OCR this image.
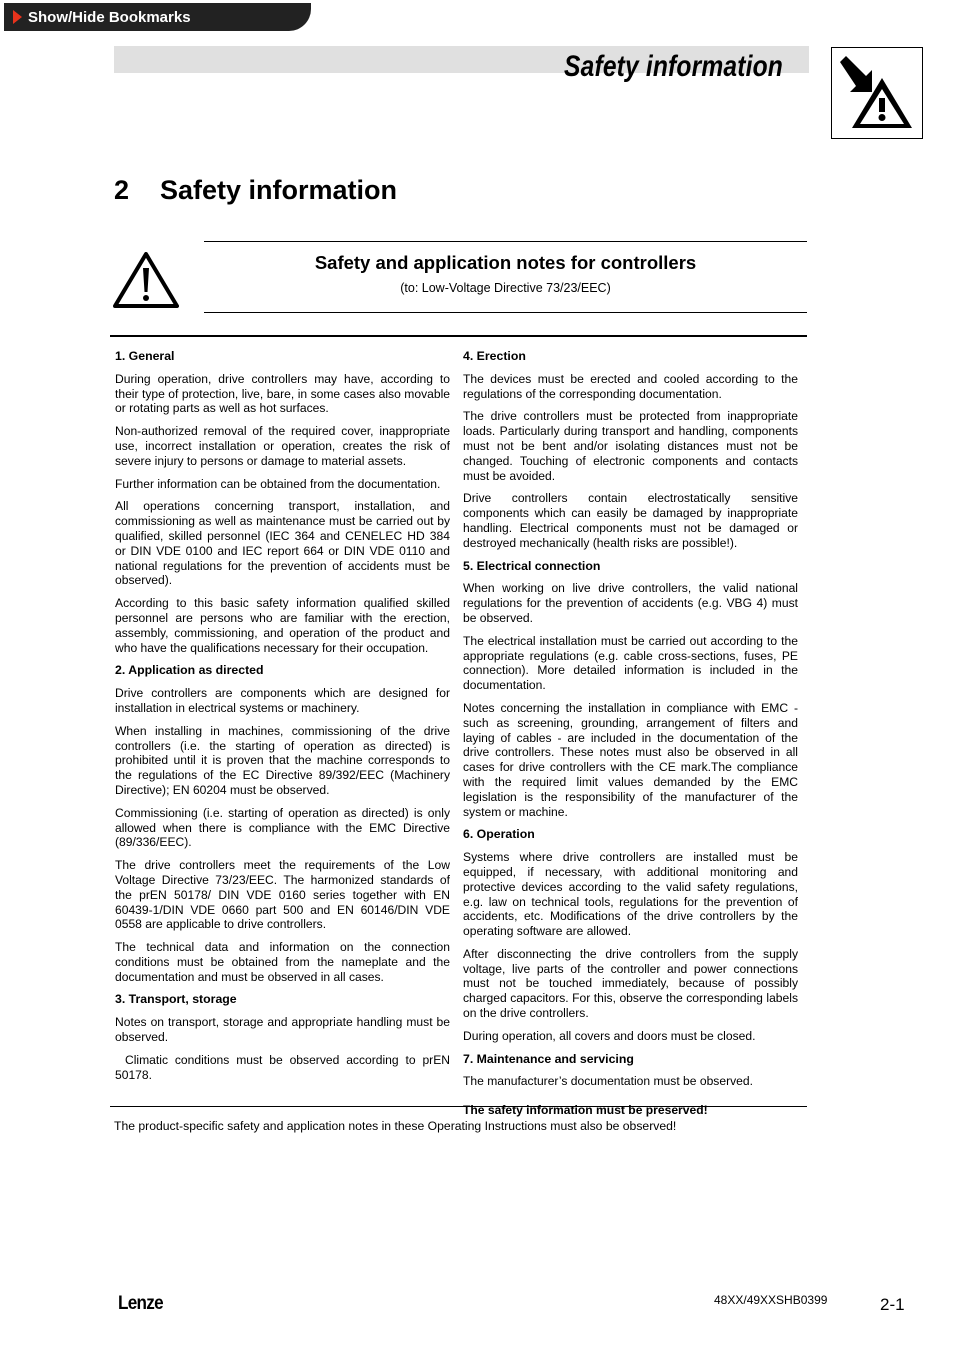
Show/Hide Bookmarks
Safety information
2 Safety information
Safety and application notes for controllers
(to: Low-Voltage Directive 73/23/EEC)
1. General

During operation, drive controllers may have, according to their type of protection, live, bare, in some cases also movable or rotating parts as well as hot surfaces.

Non-authorized removal of the required cover, inappropriate use, incorrect installation or operation, creates the risk of severe injury to persons or damage to material assets.

Further information can be obtained from the documentation.

All operations concerning transport, installation, and commissioning as well as maintenance must be carried out by qualified, skilled personnel (IEC 364 and CENELEC HD 384 or DIN VDE 0100 and IEC report 664 or DIN VDE 0110 and national regulations for the prevention of accidents must be observed).

According to this basic safety information qualified skilled personnel are persons who are familiar with the erection, assembly, commissioning, and operation of the product and who have the qualifications necessary for their occupation.

2. Application as directed

Drive controllers are components which are designed for installation in electrical systems or machinery.

When installing in machines, commissioning of the drive controllers (i.e. the starting of operation as directed) is prohibited until it is proven that the machine corresponds to the regulations of the EC Directive 89/392/EEC (Machinery Directive); EN 60204 must be observed.

Commissioning (i.e. starting of operation as directed) is only allowed when there is compliance with the EMC Directive (89/336/EEC).

The drive controllers meet the requirements of the Low Voltage Directive 73/23/EEC. The harmonized standards of the prEN 50178/ DIN VDE 0160 series together with EN 60439-1/DIN VDE 0660 part 500 and EN 60146/DIN VDE 0558 are applicable to drive controllers.

The technical data and information on the connection conditions must be obtained from the nameplate and the documentation and must be observed in all cases.

3. Transport, storage

Notes on transport, storage and appropriate handling must be observed.

Climatic conditions must be observed according to prEN 50178.

4. Erection

The devices must be erected and cooled according to the regulations of the corresponding documentation.

The drive controllers must be protected from inappropriate loads. Particularly during transport and handling, components must not be bent and/or isolating distances must not be changed. Touching of electronic components and contacts must be avoided.

Drive controllers contain electrostatically sensitive components which can easily be damaged by inappropriate handling. Electrical components must not be damaged or destroyed mechanically (health risks are possible!).

5. Electrical connection

When working on live drive controllers, the valid national regulations for the prevention of accidents (e.g. VBG 4) must be observed.

The electrical installation must be carried out according to the appropriate regulations (e.g. cable cross-sections, fuses, PE connection). More detailed information is included in the documentation.

Notes concerning the installation in compliance with EMC - such as screening, grounding, arrangement of filters and laying of cables - are included in the documentation of the drive controllers. These notes must also be observed in all cases for drive controllers with the CE mark.The compliance with the required limit values demanded by the EMC legislation is the responsibility of the manufacturer of the system or machine.

6. Operation

Systems where drive controllers are installed must be equipped, if necessary, with additional monitoring and protective devices according to the valid safety regulations, e.g. law on technical tools, regulations for the prevention of accidents, etc. Modifications of the drive controllers by the operating software are allowed.

After disconnecting the drive controllers from the supply voltage, live parts of the controller and power connections must not be touched immediately, because of possibly charged capacitors. For this, observe the corresponding labels on the drive controllers.

During operation, all covers and doors must be closed.

7. Maintenance and servicing

The manufacturer’s documentation must be observed.

The safety information must be preserved!

The product-specific safety and application notes in these Operating Instructions must also be observed!
Lenze	48XX/49XXSHB0399	2-1
